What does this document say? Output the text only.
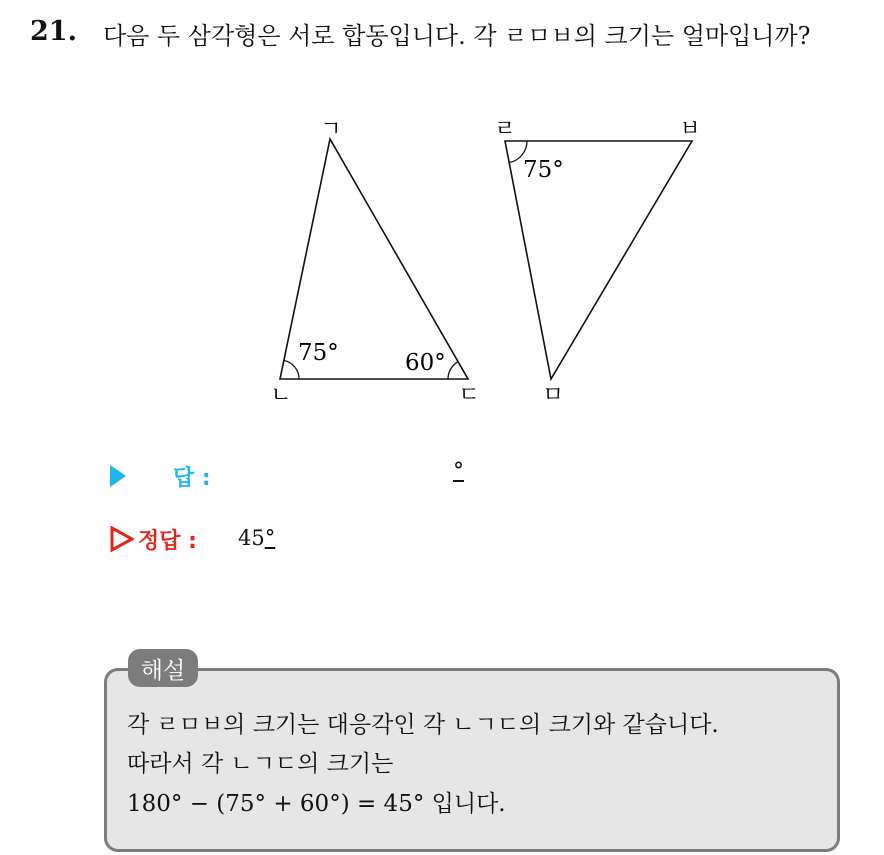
21. 다음 두 삼각형은 서로 합동입니다. 각 ㄹㅁㅂ의 크기는 얼마입니까?
ㄱ
ㄴ	ㄷ
75°	60°
ㄹ	ㅂ
ㅁ
75°
답 :	°
정답 : 45°
해설
각 ㄹㅁㅂ의 크기는 대응각인 각 ㄴㄱㄷ의 크기와 같습니다.
따라서 각 ㄴㄱㄷ의 크기는
180° − (75° + 60°) = 45° 입니다.
